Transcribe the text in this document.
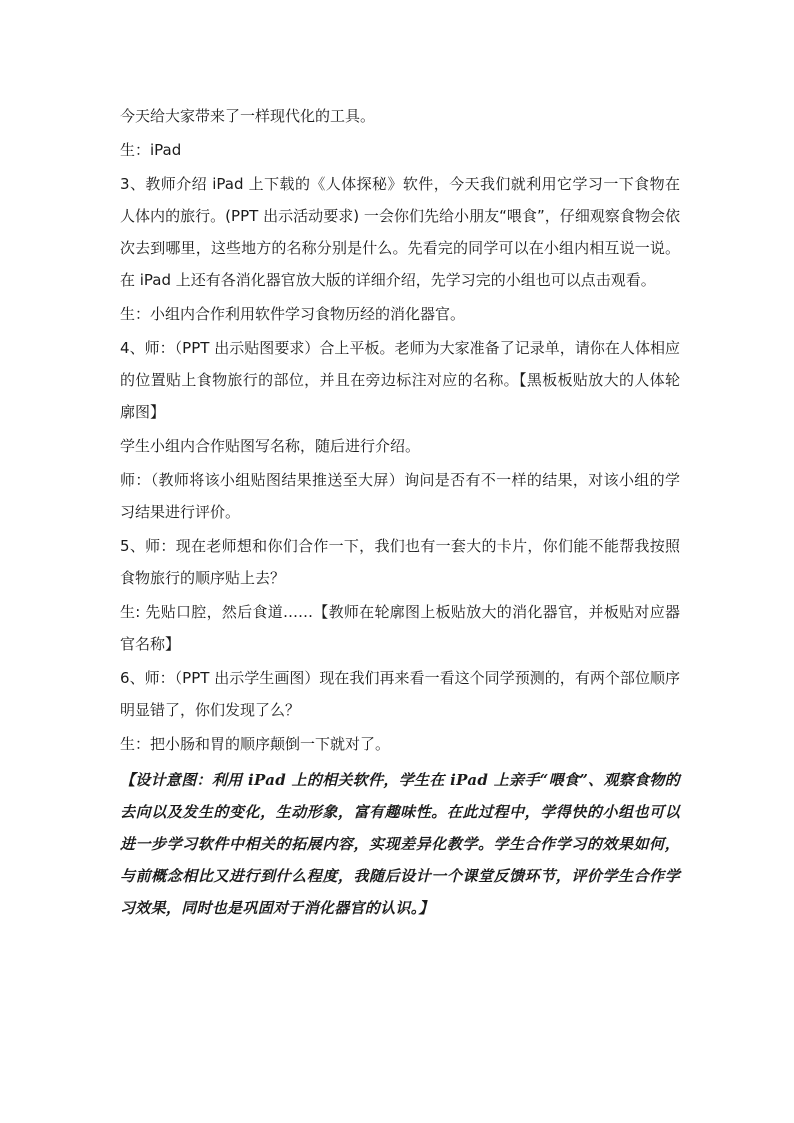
今天给大家带来了一样现代化的工具。

生：iPad

3、教师介绍 iPad 上下载的《人体探秘》软件，今天我们就利用它学习一下食物在人体内的旅行。(PPT 出示活动要求) 一会你们先给小朋友“喂食”，仔细观察食物会依次去到哪里，这些地方的名称分别是什么。先看完的同学可以在小组内相互说一说。在 iPad 上还有各消化器官放大版的详细介绍，先学习完的小组也可以点击观看。

生：小组内合作利用软件学习食物历经的消化器官。

4、师：（PPT 出示贴图要求）合上平板。老师为大家准备了记录单，请你在人体相应的位置贴上食物旅行的部位，并且在旁边标注对应的名称。【黑板板贴放大的人体轮廓图】

学生小组内合作贴图写名称，随后进行介绍。

师：（教师将该小组贴图结果推送至大屏）询问是否有不一样的结果，对该小组的学习结果进行评价。

5、师：现在老师想和你们合作一下，我们也有一套大的卡片，你们能不能帮我按照食物旅行的顺序贴上去？

生: 先贴口腔，然后食道……【教师在轮廓图上板贴放大的消化器官，并板贴对应器官名称】

6、师：（PPT 出示学生画图）现在我们再来看一看这个同学预测的，有两个部位顺序明显错了，你们发现了么？

生：把小肠和胃的顺序颠倒一下就对了。

【设计意图：利用 iPad 上的相关软件，学生在 iPad 上亲手“喂食”、观察食物的去向以及发生的变化，生动形象，富有趣味性。在此过程中，学得快的小组也可以进一步学习软件中相关的拓展内容，实现差异化教学。学生合作学习的效果如何，与前概念相比又进行到什么程度，我随后设计一个课堂反馈环节，评价学生合作学习效果，同时也是巩固对于消化器官的认识。】
